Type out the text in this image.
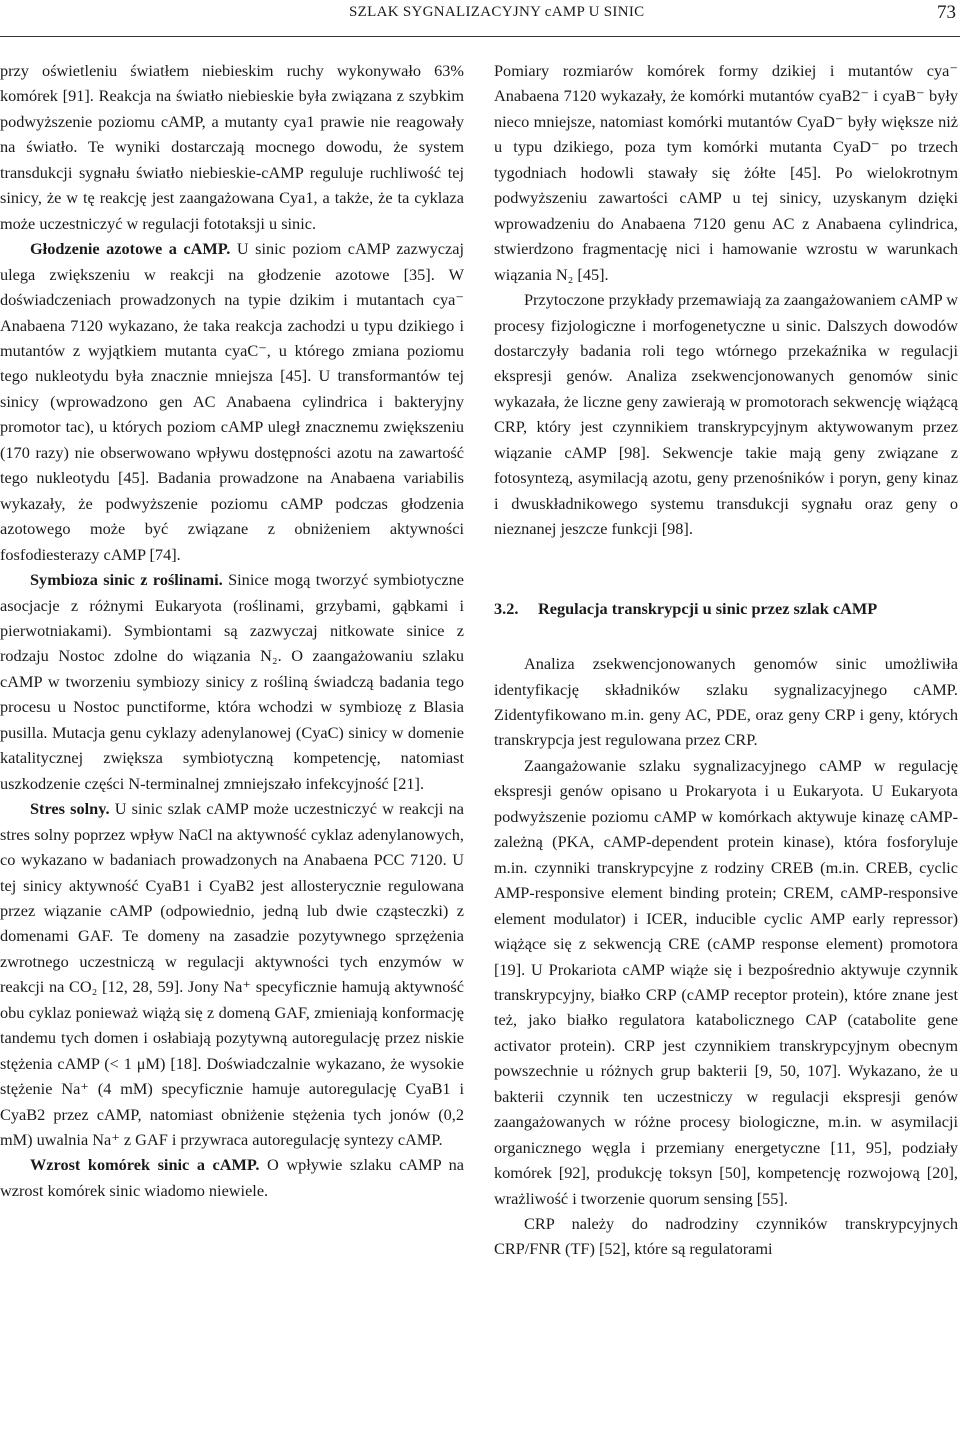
SZLAK SYGNALIZACYJNY cAMP U SINIC	73

przy oświetleniu światłem niebieskim ruchy wykonywało 63% komórek [91]. Reakcja na światło niebieskie była związana z szybkim podwyższenie poziomu cAMP, a mutanty cya1 prawie nie reagowały na światło. Te wyniki dostarczają mocnego dowodu, że system transdukcji sygnału światło niebieskie-cAMP reguluje ruchliwość tej sinicy, że w tę reakcję jest zaangażowana Cya1, a także, że ta cyklaza może uczestniczyć w regulacji fototaksji u sinic.

Głodzenie azotowe a cAMP. U sinic poziom cAMP zazwyczaj ulega zwiększeniu w reakcji na głodzenie azotowe [35]. W doświadczeniach prowadzonych na typie dzikim i mutantach cya⁻ Anabaena 7120 wykazano, że taka reakcja zachodzi u typu dzikiego i mutantów z wyjątkiem mutanta cyaC⁻, u którego zmiana poziomu tego nukleotydu była znacznie mniejsza [45]. U transformantów tej sinicy (wprowadzono gen AC Anabaena cylindrica i bakteryjny promotor tac), u których poziom cAMP uległ znacznemu zwiększeniu (170 razy) nie obserwowano wpływu dostępności azotu na zawartość tego nukleotydu [45]. Badania prowadzone na Anabaena variabilis wykazały, że podwyższenie poziomu cAMP podczas głodzenia azotowego może być związane z obniżeniem aktywności fosfodiesterazy cAMP [74].

Symbioza sinic z roślinami. Sinice mogą tworzyć symbiotyczne asocjacje z różnymi Eukaryota (roślinami, grzybami, gąbkami i pierwotniakami). Symbiontami są zazwyczaj nitkowate sinice z rodzaju Nostoc zdolne do wiązania N₂. O zaangażowaniu szlaku cAMP w tworzeniu symbiozy sinicy z rośliną świadczą badania tego procesu u Nostoc punctiforme, która wchodzi w symbiozę z Blasia pusilla. Mutacja genu cyklazy adenylanowej (CyaC) sinicy w domenie katalitycznej zwiększa symbiotyczną kompetencję, natomiast uszkodzenie części N-terminalnej zmniejszało infekcyjność [21].

Stres solny. U sinic szlak cAMP może uczestniczyć w reakcji na stres solny poprzez wpływ NaCl na aktywność cyklaz adenylanowych, co wykazano w badaniach prowadzonych na Anabaena PCC 7120. U tej sinicy aktywność CyaB1 i CyaB2 jest allosterycznie regulowana przez wiązanie cAMP (odpowiednio, jedną lub dwie cząsteczki) z domenami GAF. Te domeny na zasadzie pozytywnego sprzężenia zwrotnego uczestniczą w regulacji aktywności tych enzymów w reakcji na CO₂ [12, 28, 59]. Jony Na⁺ specyficznie hamują aktywność obu cyklaz ponieważ wiążą się z domeną GAF, zmieniają konformację tandemu tych domen i osłabiają pozytywną autoregulację przez niskie stężenia cAMP (< 1 μM) [18]. Doświadczalnie wykazano, że wysokie stężenie Na⁺ (4 mM) specyficznie hamuje autoregulację CyaB1 i CyaB2 przez cAMP, natomiast obniżenie stężenia tych jonów (0,2 mM) uwalnia Na⁺ z GAF i przywraca autoregulację syntezy cAMP.

Wzrost komórek sinic a cAMP. O wpływie szlaku cAMP na wzrost komórek sinic wiadomo niewiele.

Pomiary rozmiarów komórek formy dzikiej i mutantów cya⁻ Anabaena 7120 wykazały, że komórki mutantów cyaB2⁻ i cyaB⁻ były nieco mniejsze, natomiast komórki mutantów CyaD⁻ były większe niż u typu dzikiego, poza tym komórki mutanta CyaD⁻ po trzech tygodniach hodowli stawały się żółte [45]. Po wielokrotnym podwyższeniu zawartości cAMP u tej sinicy, uzyskanym dzięki wprowadzeniu do Anabaena 7120 genu AC z Anabaena cylindrica, stwierdzono fragmentację nici i hamowanie wzrostu w warunkach wiązania N₂ [45].

Przytoczone przykłady przemawiają za zaangażowaniem cAMP w procesy fizjologiczne i morfogenetyczne u sinic. Dalszych dowodów dostarczyły badania roli tego wtórnego przekaźnika w regulacji ekspresji genów. Analiza zsekwencjonowanych genomów sinic wykazała, że liczne geny zawierają w promotorach sekwencję wiążącą CRP, który jest czynnikiem transkrypcyjnym aktywowanym przez wiązanie cAMP [98]. Sekwencje takie mają geny związane z fotosyntezą, asymilacją azotu, geny przenośników i poryn, geny kinaz i dwuskładnikowego systemu transdukcji sygnału oraz geny o nieznanej jeszcze funkcji [98].

3.2. Regulacja transkrypcji u sinic przez szlak cAMP

Analiza zsekwencjonowanych genomów sinic umożliwiła identyfikację składników szlaku sygnalizacyjnego cAMP. Zidentyfikowano m.in. geny AC, PDE, oraz geny CRP i geny, których transkrypcja jest regulowana przez CRP.

Zaangażowanie szlaku sygnalizacyjnego cAMP w regulację ekspresji genów opisano u Prokaryota i u Eukaryota. U Eukaryota podwyższenie poziomu cAMP w komórkach aktywuje kinazę cAMP-zależną (PKA, cAMP-dependent protein kinase), która fosforyluje m.in. czynniki transkrypcyjne z rodziny CREB (m.in. CREB, cyclic AMP-responsive element binding protein; CREM, cAMP-responsive element modulator) i ICER, inducible cyclic AMP early repressor) wiążące się z sekwencją CRE (cAMP response element) promotora [19]. U Prokariota cAMP wiąże się i bezpośrednio aktywuje czynnik transkrypcyjny, białko CRP (cAMP receptor protein), które znane jest też, jako białko regulatora katabolicznego CAP (catabolite gene activator protein). CRP jest czynnikiem transkrypcyjnym obecnym powszechnie u różnych grup bakterii [9, 50, 107]. Wykazano, że u bakterii czynnik ten uczestniczy w regulacji ekspresji genów zaangażowanych w różne procesy biologiczne, m.in. w asymilacji organicznego węgla i przemiany energetyczne [11, 95], podziały komórek [92], produkcję toksyn [50], kompetencję rozwojową [20], wrażliwość i tworzenie quorum sensing [55].

CRP należy do nadrodziny czynników transkrypcyjnych CRP/FNR (TF) [52], które są regulatorami
